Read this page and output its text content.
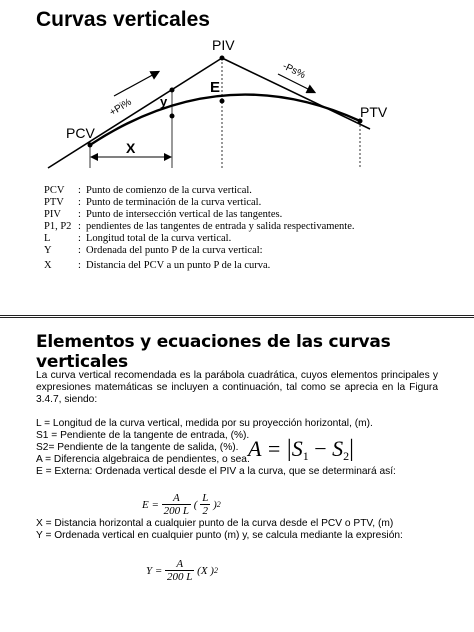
Curvas verticales
PIV
PCV
PTV
E
y
X
+Pi%
-Ps%
PCV	: Punto de comienzo de la curva vertical.
PTV	: Punto de terminación de la curva vertical.
PIV	: Punto de intersección vertical de las tangentes.
P1, P2 : pendientes de las tangentes de entrada y salida respectivamente.
L	: Longitud total de la curva vertical.
Y	: Ordenada del punto P de la curva vertical:
X	: Distancia del PCV a un punto P de la curva.
Elementos y ecuaciones de las curvas verticales
La curva vertical recomendada es la parábola cuadrática, cuyos elementos principales y expresiones matemáticas se incluyen a continuación, tal como se aprecia en la Figura 3.4.7, siendo:
L = Longitud de la curva vertical, medida por su proyección horizontal, (m).
S1 = Pendiente de la tangente de entrada, (%).
S2= Pendiente de la tangente de salida, (%).
A = Diferencia algebraica de pendientes, o sea.
E = Externa: Ordenada vertical desde el PIV a la curva, que se determinará así:
X = Distancia horizontal a cualquier punto de la curva desde el PCV o PTV, (m)
Y = Ordenada vertical en cualquier punto (m) y, se calcula mediante la expresión:
$A = |S_1 - S_2|$
E =
$\frac{A}{200 L}$ ( $\frac{L}{2}$ ) 2
Y =
$\frac{A}{200 L}$
(X ) 2
